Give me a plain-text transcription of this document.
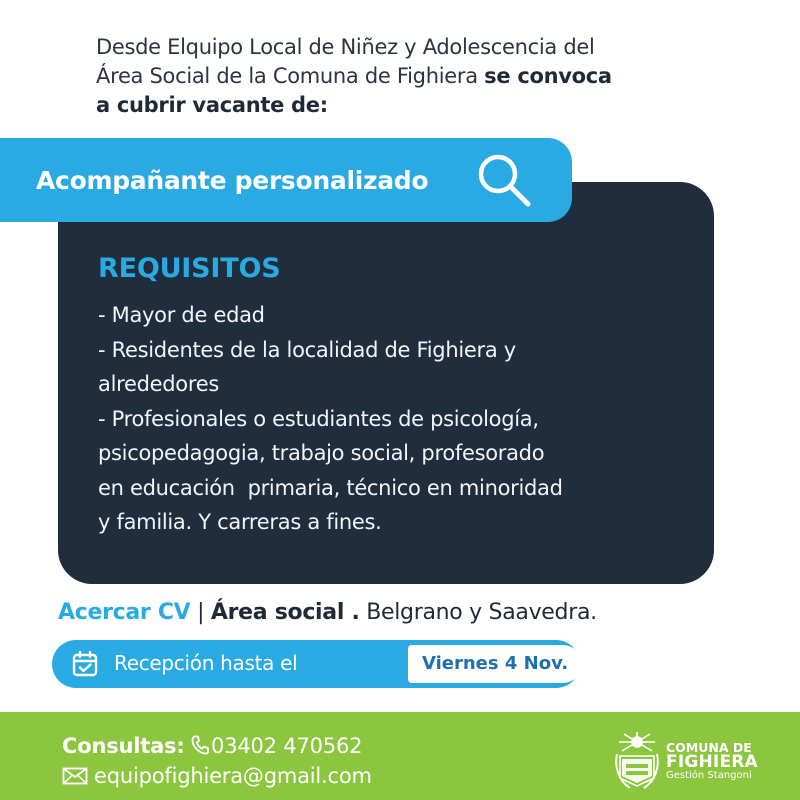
Desde Elquipo Local de Niñez y Adolescencia del
Área Social de la Comuna de Fighiera se convoca
a cubrir vacante de:
Acompañante personalizado
REQUISITOS
- Mayor de edad
- Residentes de la localidad de Fighiera y
alrededores
- Profesionales o estudiantes de psicología,
psicopedagogia, trabajo social, profesorado
en educación  primaria, técnico en minoridad
y familia. Y carreras a fines.
Acercar CV | Área social . Belgrano y Saavedra.
Recepción hasta el	Viernes 4 Nov.
Consultas: 03402 470562
equipofighiera@gmail.com
COMUNA DE
FIGHIERA
Gestión Stangoni
